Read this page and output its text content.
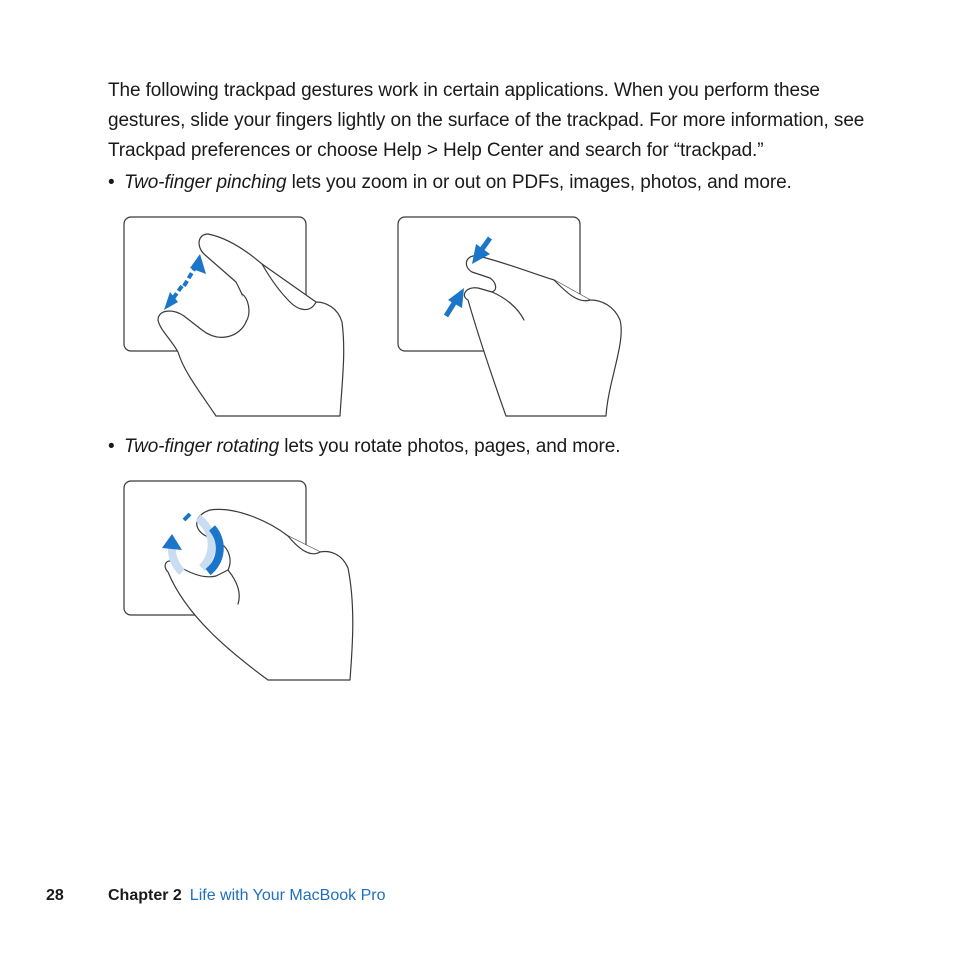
The following trackpad gestures work in certain applications. When you perform these gestures, slide your fingers lightly on the surface of the trackpad. For more information, see Trackpad preferences or choose Help > Help Center and search for “trackpad.”

• Two-finger pinching lets you zoom in or out on PDFs, images, photos, and more.

• Two-finger rotating lets you rotate photos, pages, and more.

28	Chapter 2 Life with Your MacBook Pro
